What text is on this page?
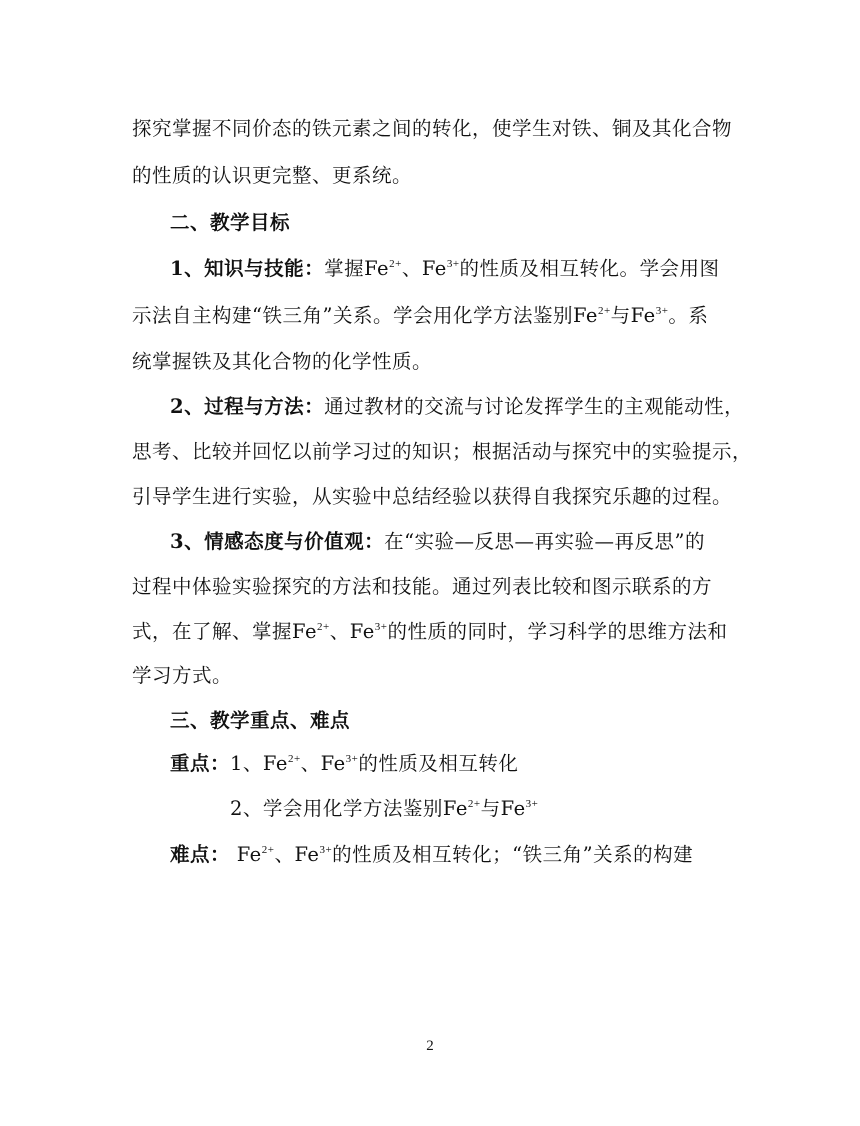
探究掌握不同价态的铁元素之间的转化，使学生对铁、铜及其化合物
的性质的认识更完整、更系统。
二、教学目标
1、知识与技能：掌握$Fe^{2+}$、$Fe^{3+}$的性质及相互转化。学会用图
示法自主构建“铁三角”关系。学会用化学方法鉴别$Fe^{2+}$与$Fe^{3+}$。系
统掌握铁及其化合物的化学性质。
2、过程与方法：通过教材的交流与讨论发挥学生的主观能动性，
思考、比较并回忆以前学习过的知识；根据活动与探究中的实验提示，
引导学生进行实验，从实验中总结经验以获得自我探究乐趣的过程。
3、情感态度与价值观：在“实验—反思—再实验—再反思”的
过程中体验实验探究的方法和技能。通过列表比较和图示联系的方
式，在了解、掌握$Fe^{2+}$、$Fe^{3+}$的性质的同时，学习科学的思维方法和
学习方式。
三、教学重点、难点
重点：1、$Fe^{2+}$、$Fe^{3+}$的性质及相互转化
2、学会用化学方法鉴别$Fe^{2+}$与$Fe^{3+}$
难点： $Fe^{2+}$、$Fe^{3+}$的性质及相互转化；“铁三角”关系的构建
2
